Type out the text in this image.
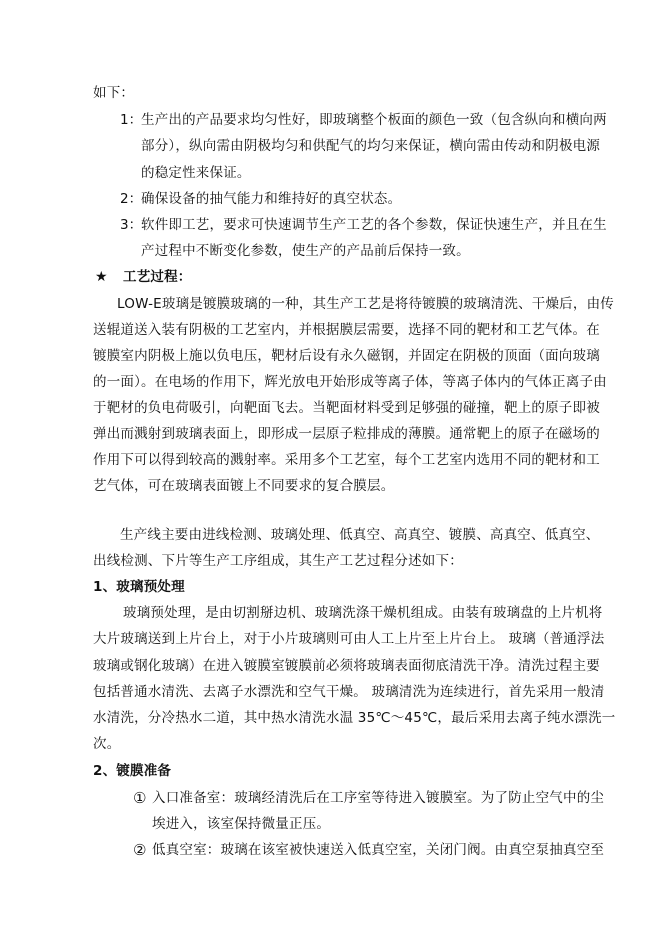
如下：
1：
生产出的产品要求均匀性好，即玻璃整个板面的颜色一致（包含纵向和横向两
部分），纵向需由阴极均匀和供配气的均匀来保证，横向需由传动和阴极电源
的稳定性来保证。
2：
确保设备的抽气能力和维持好的真空状态。
3：
软件即工艺，要求可快速调节生产工艺的各个参数，保证快速生产，并且在生
产过程中不断变化参数，使生产的产品前后保持一致。
★ 工艺过程：
LOW-E玻璃是镀膜玻璃的一种，其生产工艺是将待镀膜的玻璃清洗、干燥后，由传
送辊道送入装有阴极的工艺室内，并根据膜层需要，选择不同的靶材和工艺气体。在
镀膜室内阴极上施以负电压，靶材后设有永久磁钢，并固定在阴极的顶面（面向玻璃
的一面）。在电场的作用下，辉光放电开始形成等离子体，等离子体内的气体正离子由
于靶材的负电荷吸引，向靶面飞去。当靶面材料受到足够强的碰撞，靶上的原子即被
弹出而溅射到玻璃表面上，即形成一层原子粒排成的薄膜。通常靶上的原子在磁场的
作用下可以得到较高的溅射率。采用多个工艺室，每个工艺室内选用不同的靶材和工
艺气体，可在玻璃表面镀上不同要求的复合膜层。
生产线主要由进线检测、玻璃处理、低真空、高真空、镀膜、高真空、低真空、
出线检测、下片等生产工序组成，其生产工艺过程分述如下：
1、玻璃预处理
玻璃预处理，是由切割掰边机、玻璃洗涤干燥机组成。由装有玻璃盘的上片机将
大片玻璃送到上片台上，对于小片玻璃则可由人工上片至上片台上。 玻璃（普通浮法
玻璃或钢化玻璃）在进入镀膜室镀膜前必须将玻璃表面彻底清洗干净。清洗过程主要
包括普通水清洗、去离子水漂洗和空气干燥。 玻璃清洗为连续进行，首先采用一般清
水清洗，分冷热水二道，其中热水清洗水温 35℃～45℃，最后采用去离子纯水漂洗一
次。
2、镀膜准备
① 入口准备室：玻璃经清洗后在工序室等待进入镀膜室。为了防止空气中的尘
埃进入，该室保持微量正压。
② 低真空室：玻璃在该室被快速送入低真空室，关闭门阀。由真空泵抽真空至
